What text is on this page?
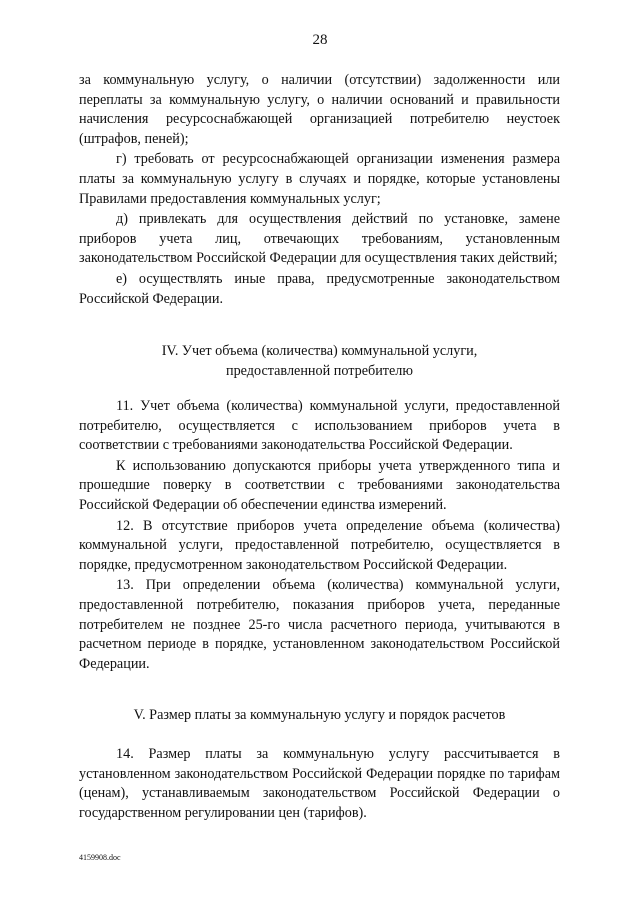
28

за коммунальную услугу, о наличии (отсутствии) задолженности или переплаты за коммунальную услугу, о наличии оснований и правильности начисления ресурсоснабжающей организацией потребителю неустоек (штрафов, пеней);

г) требовать от ресурсоснабжающей организации изменения размера платы за коммунальную услугу в случаях и порядке, которые установлены Правилами предоставления коммунальных услуг;

д) привлекать для осуществления действий по установке, замене приборов учета лиц, отвечающих требованиям, установленным законодательством Российской Федерации для осуществления таких действий;

е) осуществлять иные права, предусмотренные законодательством Российской Федерации.

IV. Учет объема (количества) коммунальной услуги,

предоставленной потребителю

11. Учет объема (количества) коммунальной услуги, предоставленной потребителю, осуществляется с использованием приборов учета в соответствии с требованиями законодательства Российской Федерации.

К использованию допускаются приборы учета утвержденного типа и прошедшие поверку в соответствии с требованиями законодательства Российской Федерации об обеспечении единства измерений.

12. В отсутствие приборов учета определение объема (количества) коммунальной услуги, предоставленной потребителю, осуществляется в порядке, предусмотренном законодательством Российской Федерации.

13. При определении объема (количества) коммунальной услуги, предоставленной потребителю, показания приборов учета, переданные потребителем не позднее 25-го числа расчетного периода, учитываются в расчетном периоде в порядке, установленном законодательством Российской Федерации.

V. Размер платы за коммунальную услугу и порядок расчетов

14. Размер платы за коммунальную услугу рассчитывается в установленном законодательством Российской Федерации порядке по тарифам (ценам), устанавливаемым законодательством Российской Федерации о государственном регулировании цен (тарифов).

4159908.doc
